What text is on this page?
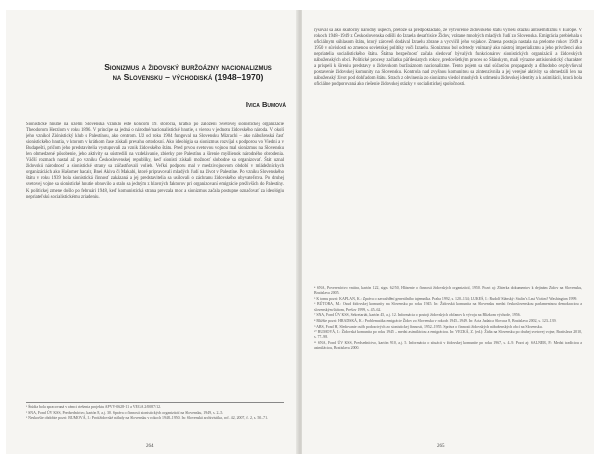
Sionizmus a židovský buržoázny nacionalizmus
na Slovensku – východiská (1948–1970)
Ivica Bumová
Sionistické hnutie na území Slovenska vzniklo ešte koncom 19. storočia, krátko po založení Svetovej sionistickej organizácie Theodorom Herzlom v roku 1896. V princípe sa jedná o národné/nacionalistické hnutie, s vierou v jednotu židovského národa. V okolí jeho vznikol Ziónistický klub s Palestínou, ako centrom. Už od roku 1904 fungoval na Slovensku Mizrachi – ako náboženská časť sionistického hnutia, v ktorom v krátkom čase získali prevahu ortodoxní. Ako ideológia sa sionizmus rozvíjal s podporou vo Viedni a v Budapešti, pričom jeho predstavitelia vystupovali za vznik židovského štátu. Pred prvou svetovou vojnou mal sionizmus na Slovensku len obmedzené pôsobenie, jeho aktivity sa sústredili na vzdelávanie, zbierky pre Palestínu a šírenie myšlienok národného obrodenia. Väčší rozmach nastal až po vzniku Československej republiky, keď sionisti získali možnosť slobodne sa organizovať. Štát uznal židovskú národnosť a sionistické strany sa zúčastňovali volieb. Veľkú podporu mal v medzivojnovom období v mládežníckych organizáciách ako Hašomer hacair, Bnei Akiva či Makabi, ktoré pripravovali mladých ľudí na život v Palestíne. Po vzniku Slovenského štátu v roku 1939 bola sionistická činnosť zakázaná a jej predstavitelia sa usilovali o záchranu židovského obyvateľstva. Po druhej svetovej vojne sa sionistické hnutie obnovilo a stalo sa jedným z hlavných faktorov pri organizovaní emigrácie preživších do Palestíny. K politickej zmene došlo po februári 1948, keď komunistická strana prevzala moc a sionizmus začala postupne označovať za ideológiu nepriateľskú socialistickému zriadeniu.
¹ Štúdia bola spracovaná v rámci riešenia projektu APVV-0628-11 a VEGA 2/0087/12.
² SNA, Fond ÚV KSS, Predsedníctvo, kartón 8, a.j. 30. Správa o činnosti sionistických organizácií na Slovensku, 1949, s. 2–5.
³ Neskoršie obdobie pozri: BUMOVÁ, I.: Protižidovské nálady na Slovensku v rokoch 1948–1950. In: Slovenská archivistika, roč. 42, 2007, č. 2, s. 50–71.
264
rysoval sa ako skutočný národný úspech, pretože sa predpokladalo, že vytvorenie židovského štátu vyrieši otázku antisemitizmu v Európe. V rokoch 1948–1949 z Československa odišli do Izraela desaťtisíce Židov, vrátane mnohých mladých ľudí zo Slovenska. Emigrácia prebiehala s oficiálnym súhlasom štátu, ktorý zároveň dodával Izraelu zbrane a vycvičil jeho vojakov. Zmena postoja nastala na prelome rokov 1949 a 1950 v súvislosti so zmenou sovietskej politiky voči Izraelu. Sionizmus bol odvtedy vnímaný ako nástroj imperializmu a jeho prívrženci ako nepriatelia socialistického štátu. Štátna bezpečnosť začala sledovať bývalých funkcionárov sionistických organizácií a židovských náboženských obcí. Politické procesy začiatku päťdesiatych rokov, predovšetkým proces so Slánskym, mali výrazne antisionistický charakter a prispeli k šíreniu predstavy o židovskom buržoáznom nacionalizme. Tento pojem sa stal súčasťou propagandy a dlhodobo ovplyvňoval postavenie židovskej komunity na Slovensku. Kontrola nad zvyšnou komunitou sa zintenzívnila a jej verejné aktivity sa obmedzili len na náboženský život pod dohľadom štátu. Strach z obvinenia zo sionizmu viedol mnohých k utlmeniu židovskej identity a k asimilácii, ktorá bola oficiálne podporovaná ako riešenie židovskej otázky v socialistickej spoločnosti.
⁴ SNA, Povereníctvo vnútra, kartón 122, sign. 62/50, Hlásenie o činnosti židovských organizácií, 1950. Pozri aj: Zbierka dokumentov k dejinám Židov na Slovensku, Bratislava 2005.
⁵ K tomu pozri: KAPLAN, K.: Zpráva o zavraždění generálního tajemníka. Praha 1992, s. 120–134; LUKEŠ, I.: Rudolf Slánský: Stalin’s Last Victim? Washington 1999.
⁶ BÚTORA, M.: Osud židovskej komunity na Slovensku po roku 1945. In: Židovská komunita na Slovensku medzi československou parlamentnou demokraciou a slovenským štátom, Prešov 1999, s. 45–62.
⁷ SNA, Fond ÚV KSS, Sekretariát, kartón 45, a.j. 12. Informácia o postoji židovských občanov k vývoju na Blízkom východe, 1956.
⁸ Bližšie pozri: HRADSKÁ, K.: Problematika emigrácie Židov zo Slovenska v rokoch 1945–1949. In: Acta Judaica Slovaca 8, Bratislava 2002, s. 123–139.
⁹ ABS, Fond H, Sledovanie osôb podozrivých zo sionistickej činnosti, 1952–1955. Správa o činnosti židovských náboženských obcí na Slovensku.
¹⁰ BUMOVÁ, I.: Židovská komunita po roku 1945 – medzi asimiláciou a emigráciou. In: VEĽKÁ, Z. (ed.): Židia na Slovensku po druhej svetovej vojne, Bratislava 2010, s. 77–98.
¹¹ SNA, Fond ÚV KSS, Predsedníctvo, kartón 910, a.j. 5. Informácia o situácii v židovskej komunite po roku 1967, s. 4–9. Pozri aj: SALNER, P.: Medzi tradíciou a asimiláciou, Bratislava 2000.
265
